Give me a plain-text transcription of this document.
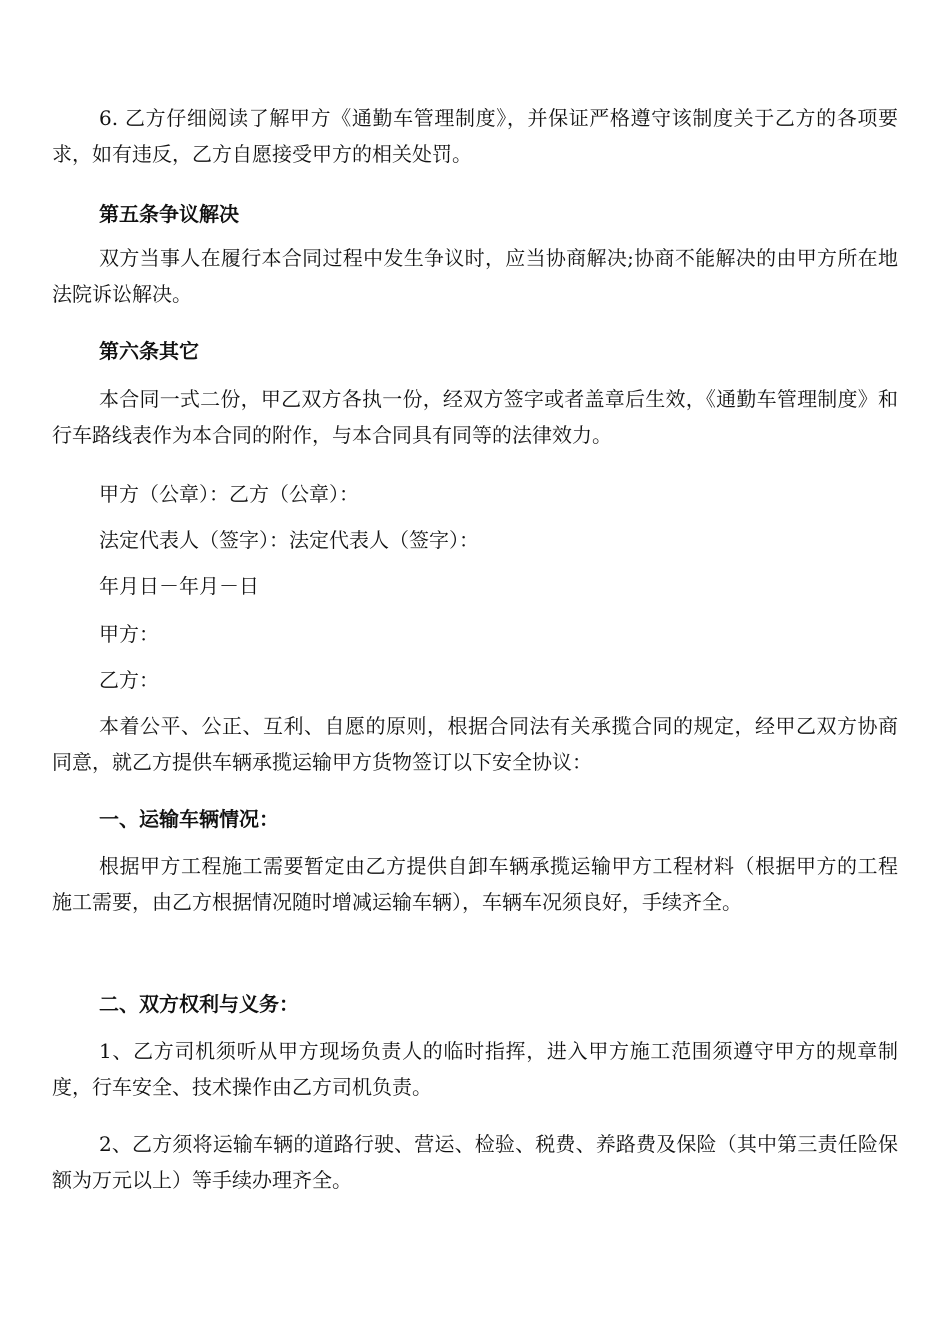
6. 乙方仔细阅读了解甲方《通勤车管理制度》，并保证严格遵守该制度关于乙方的各项要求，如有违反，乙方自愿接受甲方的相关处罚。

第五条争议解决

双方当事人在履行本合同过程中发生争议时，应当协商解决;协商不能解决的由甲方所在地法院诉讼解决。

第六条其它

本合同一式二份，甲乙双方各执一份，经双方签字或者盖章后生效，《通勤车管理制度》和行车路线表作为本合同的附作，与本合同具有同等的法律效力。

甲方（公章）：乙方（公章）：

法定代表人（签字）：法定代表人（签字）：

年月日－年月－日

甲方：

乙方：

本着公平、公正、互利、自愿的原则，根据合同法有关承揽合同的规定，经甲乙双方协商同意，就乙方提供车辆承揽运输甲方货物签订以下安全协议：

一、运输车辆情况：

根据甲方工程施工需要暂定由乙方提供自卸车辆承揽运输甲方工程材料（根据甲方的工程施工需要，由乙方根据情况随时增减运输车辆），车辆车况须良好，手续齐全。

二、双方权利与义务：

1、乙方司机须听从甲方现场负责人的临时指挥，进入甲方施工范围须遵守甲方的规章制度，行车安全、技术操作由乙方司机负责。

2、乙方须将运输车辆的道路行驶、营运、检验、税费、养路费及保险（其中第三责任险保额为万元以上）等手续办理齐全。
